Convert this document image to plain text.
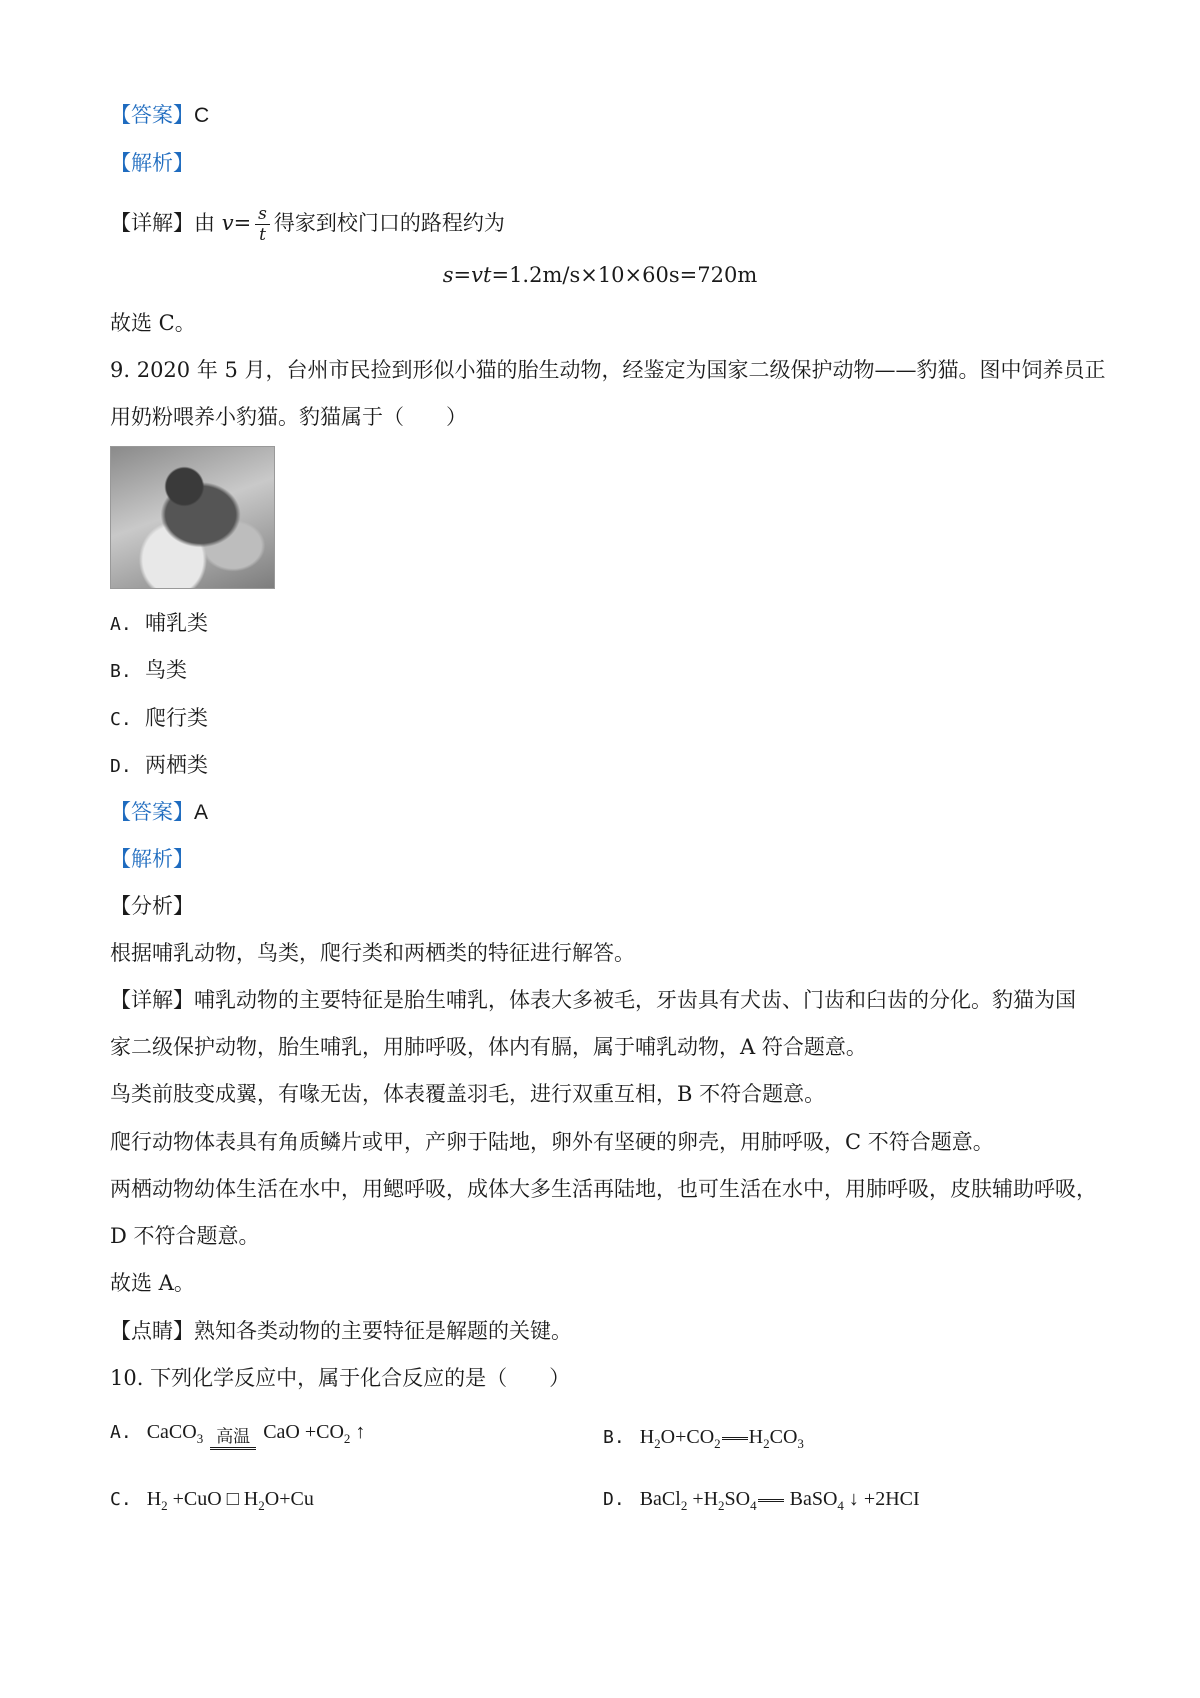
【答案】C
【解析】
【详解】由 $v= \frac{s}{t}$ 得家到校门口的路程约为
s=vt=1.2m/s×10×60s=720m
故选 C。
9. 2020 年 5 月，台州市民捡到形似小猫的胎生动物，经鉴定为国家二级保护动物——豹猫。图中饲养员正
用奶粉喂养小豹猫。豹猫属于（　　）
A. 哺乳类
B. 鸟类
C. 爬行类
D. 两栖类
【答案】A
【解析】
【分析】
根据哺乳动物，鸟类，爬行类和两栖类的特征进行解答。
【详解】哺乳动物的主要特征是胎生哺乳，体表大多被毛，牙齿具有犬齿、门齿和臼齿的分化。豹猫为国
家二级保护动物，胎生哺乳，用肺呼吸，体内有膈，属于哺乳动物，A 符合题意。
鸟类前肢变成翼，有喙无齿，体表覆盖羽毛，进行双重互相，B 不符合题意。
爬行动物体表具有角质鳞片或甲，产卵于陆地，卵外有坚硬的卵壳，用肺呼吸，C 不符合题意。
两栖动物幼体生活在水中，用鳃呼吸，成体大多生活再陆地，也可生活在水中，用肺呼吸，皮肤辅助呼吸，
D 不符合题意。
故选 A。
【点睛】熟知各类动物的主要特征是解题的关键。
10. 下列化学反应中，属于化合反应的是（　　）
A. CaCO$_3$ 高温 CaO $+CO_2$ ↑	B. $H_2O+CO_2$ $H_2CO_3$
C. $H_2 +CuO$ □ $H_2O+Cu$	D. BaCl$_2$ $+H_2SO_4$ BaSO$_4$ ↓ +2HCI
